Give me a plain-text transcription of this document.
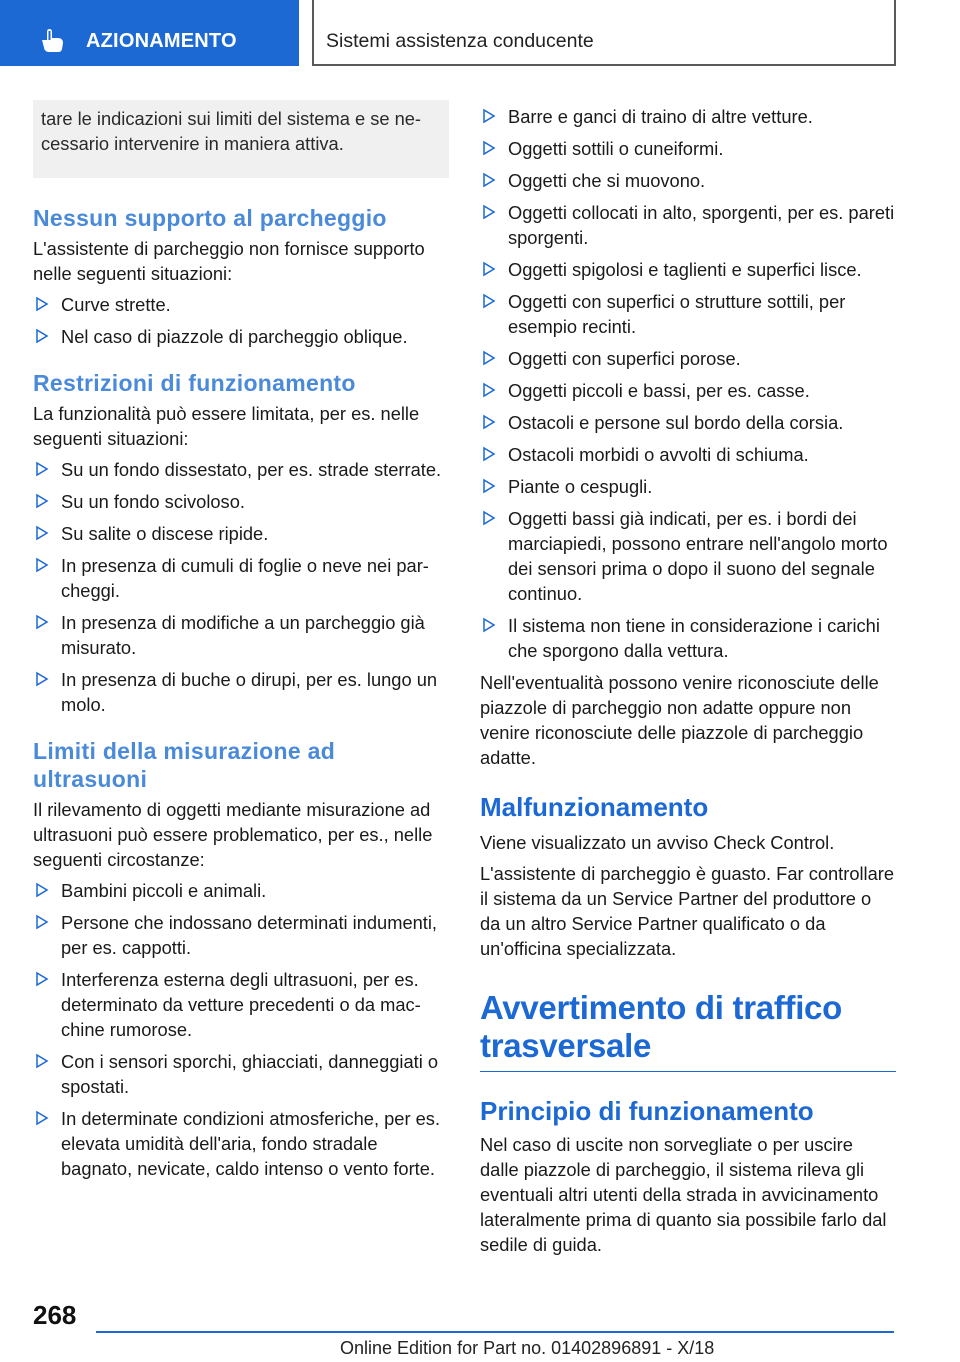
AZIONAMENTO	Sistemi assistenza conducente
tare le indicazioni sui limiti del sistema e se necessario intervenire in maniera attiva.
Nessun supporto al parcheggio
L'assistente di parcheggio non fornisce supporto nelle seguenti situazioni:
Curve strette.
Nel caso di piazzole di parcheggio oblique.
Restrizioni di funzionamento
La funzionalità può essere limitata, per es. nelle seguenti situazioni:
Su un fondo dissestato, per es. strade sterrate.
Su un fondo scivoloso.
Su salite o discese ripide.
In presenza di cumuli di foglie o neve nei parcheggi.
In presenza di modifiche a un parcheggio già misurato.
In presenza di buche o dirupi, per es. lungo un molo.
Limiti della misurazione ad ultrasuoni
Il rilevamento di oggetti mediante misurazione ad ultrasuoni può essere problematico, per es., nelle seguenti circostanze:
Bambini piccoli e animali.
Persone che indossano determinati indumenti, per es. cappotti.
Interferenza esterna degli ultrasuoni, per es. determinato da vetture precedenti o da macchine rumorose.
Con i sensori sporchi, ghiacciati, danneggiati o spostati.
In determinate condizioni atmosferiche, per es. elevata umidità dell'aria, fondo stradale bagnato, nevicate, caldo intenso o vento forte.
Barre e ganci di traino di altre vetture.
Oggetti sottili o cuneiformi.
Oggetti che si muovono.
Oggetti collocati in alto, sporgenti, per es. pareti sporgenti.
Oggetti spigolosi e taglienti e superfici lisce.
Oggetti con superfici o strutture sottili, per esempio recinti.
Oggetti con superfici porose.
Oggetti piccoli e bassi, per es. casse.
Ostacoli e persone sul bordo della corsia.
Ostacoli morbidi o avvolti di schiuma.
Piante o cespugli.
Oggetti bassi già indicati, per es. i bordi dei marciapiedi, possono entrare nell'angolo morto dei sensori prima o dopo il suono del segnale continuo.
Il sistema non tiene in considerazione i carichi che sporgono dalla vettura.
Nell'eventualità possono venire riconosciute delle piazzole di parcheggio non adatte oppure non venire riconosciute delle piazzole di parcheggio adatte.
Malfunzionamento
Viene visualizzato un avviso Check Control.
L'assistente di parcheggio è guasto. Far controllare il sistema da un Service Partner del produttore o da un altro Service Partner qualificato o da un'officina specializzata.
Avvertimento di traffico trasversale
Principio di funzionamento
Nel caso di uscite non sorvegliate o per uscire dalle piazzole di parcheggio, il sistema rileva gli eventuali altri utenti della strada in avvicinamento lateralmente prima di quanto sia possibile farlo dal sedile di guida.
268
Online Edition for Part no. 01402896891 - X/18
